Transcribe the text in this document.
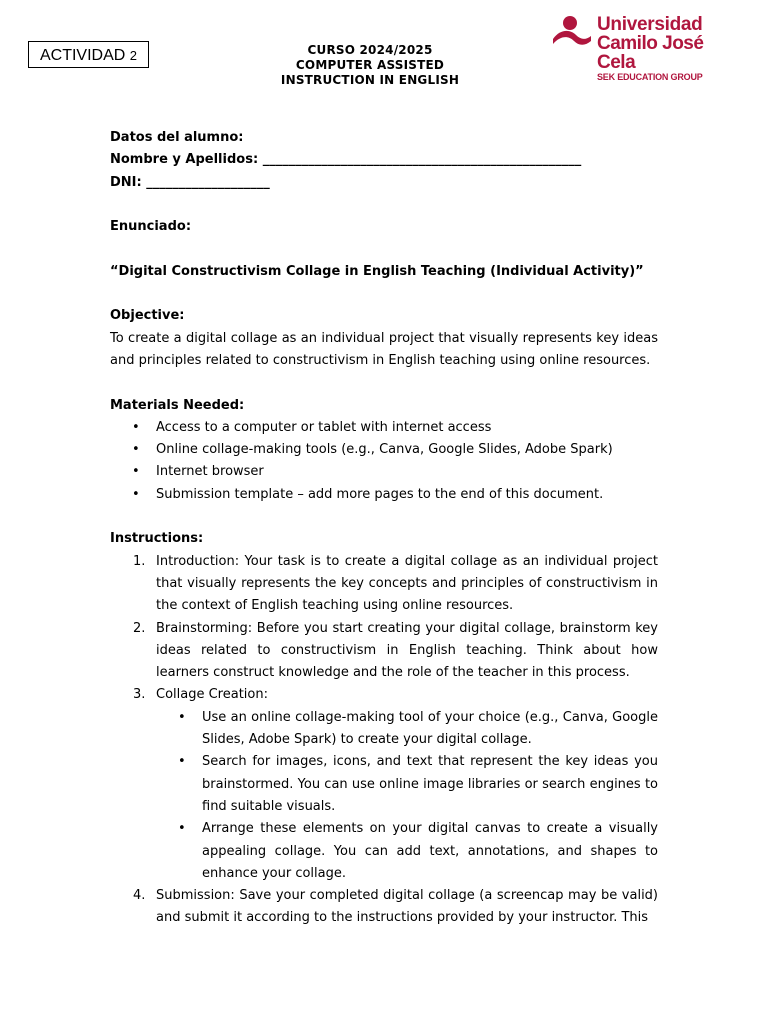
ACTIVIDAD 2	CURSO 2024/2025
COMPUTER ASSISTED
INSTRUCTION IN ENGLISH
Universidad
Camilo José Cela
SEK EDUCATION GROUP

Datos del alumno:

Nombre y Apellidos: _________________________________________________

DNI: ___________________

Enunciado:

“Digital Constructivism Collage in English Teaching (Individual Activity)”

Objective:

To create a digital collage as an individual project that visually represents key ideas and principles related to constructivism in English teaching using online resources.

Materials Needed:

• Access to a computer or tablet with internet access
• Online collage-making tools (e.g., Canva, Google Slides, Adobe Spark)
• Internet browser
• Submission template – add more pages to the end of this document.

Instructions:

1. Introduction: Your task is to create a digital collage as an individual project that visually represents the key concepts and principles of constructivism in the context of English teaching using online resources.
2. Brainstorming: Before you start creating your digital collage, brainstorm key ideas related to constructivism in English teaching. Think about how learners construct knowledge and the role of the teacher in this process.
3. Collage Creation:
• Use an online collage-making tool of your choice (e.g., Canva, Google Slides, Adobe Spark) to create your digital collage.
• Search for images, icons, and text that represent the key ideas you brainstormed. You can use online image libraries or search engines to find suitable visuals.
• Arrange these elements on your digital canvas to create a visually appealing collage. You can add text, annotations, and shapes to enhance your collage.
4. Submission: Save your completed digital collage (a screencap may be valid) and submit it according to the instructions provided by your instructor. This
